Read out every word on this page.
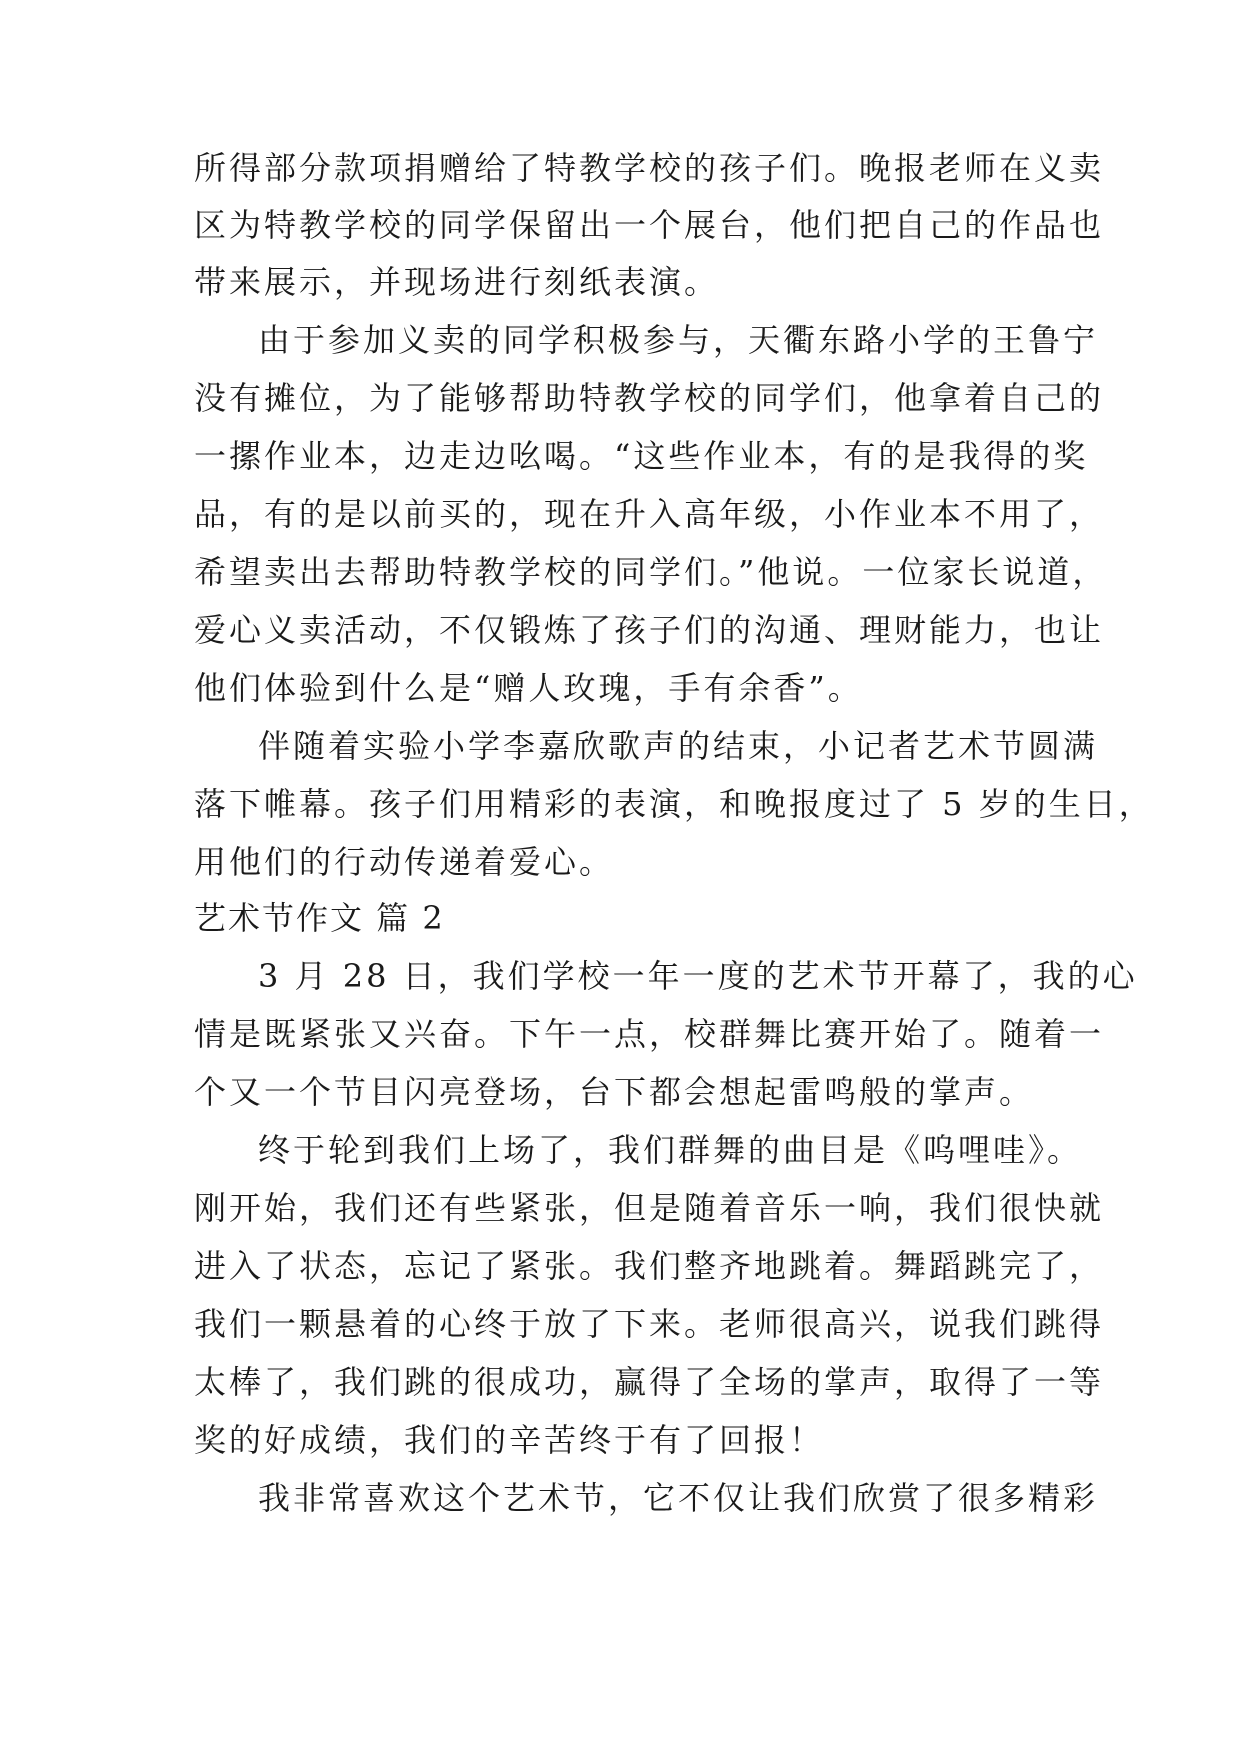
所得部分款项捐赠给了特教学校的孩子们。晚报老师在义卖
区为特教学校的同学保留出一个展台，他们把自己的作品也
带来展示，并现场进行刻纸表演。
由于参加义卖的同学积极参与，天衢东路小学的王鲁宁
没有摊位，为了能够帮助特教学校的同学们，他拿着自己的
一摞作业本，边走边吆喝。“这些作业本，有的是我得的奖
品，有的是以前买的，现在升入高年级，小作业本不用了，
希望卖出去帮助特教学校的同学们。”他说。一位家长说道，
爱心义卖活动，不仅锻炼了孩子们的沟通、理财能力，也让
他们体验到什么是“赠人玫瑰，手有余香”。
伴随着实验小学李嘉欣歌声的结束，小记者艺术节圆满
落下帷幕。孩子们用精彩的表演，和晚报度过了 5 岁的生日，
用他们的行动传递着爱心。
艺术节作文 篇 2
3 月 28 日，我们学校一年一度的艺术节开幕了，我的心
情是既紧张又兴奋。下午一点，校群舞比赛开始了。随着一
个又一个节目闪亮登场，台下都会想起雷鸣般的掌声。
终于轮到我们上场了，我们群舞的曲目是《呜哩哇》。
刚开始，我们还有些紧张，但是随着音乐一响，我们很快就
进入了状态，忘记了紧张。我们整齐地跳着。舞蹈跳完了，
我们一颗悬着的心终于放了下来。老师很高兴，说我们跳得
太棒了，我们跳的很成功，赢得了全场的掌声，取得了一等
奖的好成绩，我们的辛苦终于有了回报！
我非常喜欢这个艺术节，它不仅让我们欣赏了很多精彩
